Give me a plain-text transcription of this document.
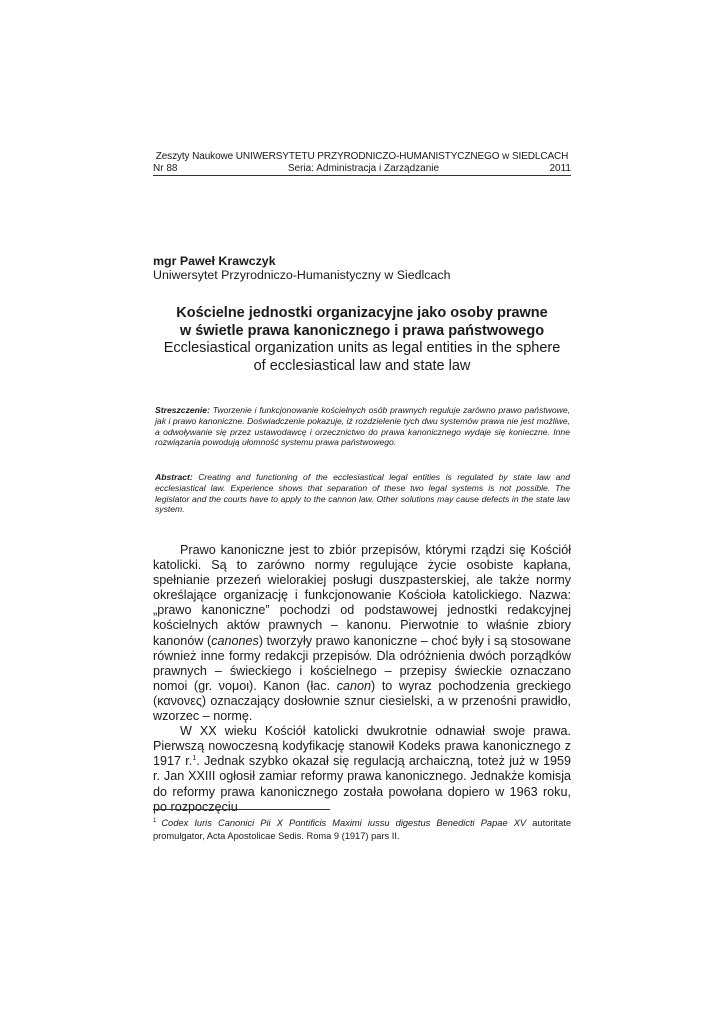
Zeszyty Naukowe UNIWERSYTETU PRZYRODNICZO-HUMANISTYCZNEGO w SIEDLCACH
Nr 88	Seria: Administracja i Zarządzanie	2011
mgr Paweł Krawczyk
Uniwersytet Przyrodniczo-Humanistyczny w Siedlcach
Kościelne jednostki organizacyjne jako osoby prawne
w świetle prawa kanonicznego i prawa państwowego
Ecclesiastical organization units as legal entities in the sphere
of ecclesiastical law and state law
Streszczenie: Tworzenie i funkcjonowanie kościelnych osób prawnych reguluje zarówno prawo państwowe, jak i prawo kanoniczne. Doświadczenie pokazuje, iż rozdzielenie tych dwu systemów prawa nie jest możliwe, a odwoływanie się przez ustawodawcę i orzecznictwo do prawa kanonicznego wydaje się konieczne. Inne rozwiązania powodują ułomność systemu prawa państwowego.
Abstract: Creating and functioning of the ecclesiastical legal entities is regulated by state law and ecclesiastical law. Experience shows that separation of these two legal systems is not possible. The legislator and the courts have to apply to the cannon law. Other solutions may cause defects in the state law system.

Prawo kanoniczne jest to zbiór przepisów, którymi rządzi się Kościół katolicki. Są to zarówno normy regulujące życie osobiste kapłana, spełnianie przezeń wielorakiej posługi duszpasterskiej, ale także normy określające organizację i funkcjonowanie Kościoła katolickiego. Nazwa: „prawo kanoniczne” pochodzi od podstawowej jednostki redakcyjnej kościelnych aktów prawnych – kanonu. Pierwotnie to właśnie zbiory kanonów (canones) tworzyły prawo kanoniczne – choć były i są stosowane również inne formy redakcji przepisów. Dla odróżnienia dwóch porządków prawnych – świeckiego i kościelnego – przepisy świeckie oznaczano nomoi (gr. νομοι). Kanon (łac. canon) to wyraz pochodzenia greckiego (κανονες) oznaczający dosłownie sznur ciesielski, a w przenośni prawidło, wzorzec – normę.

W XX wieku Kościół katolicki dwukrotnie odnawiał swoje prawa. Pierwszą nowoczesną kodyfikację stanowił Kodeks prawa kanonicznego z 1917 r.$^1$. Jednak szybko okazał się regulacją archaiczną, toteż już w 1959 r. Jan XXIII ogłosił zamiar reformy prawa kanonicznego. Jednakże komisja do reformy prawa kanonicznego została powołana dopiero w 1963 roku, po rozpoczęciu

$^1$ Codex Iuris Canonici Pii X Pontificis Maximi iussu digestus Benedicti Papae XV autoritate promulgator, Acta Apostolicae Sedis. Roma 9 (1917) pars II.
